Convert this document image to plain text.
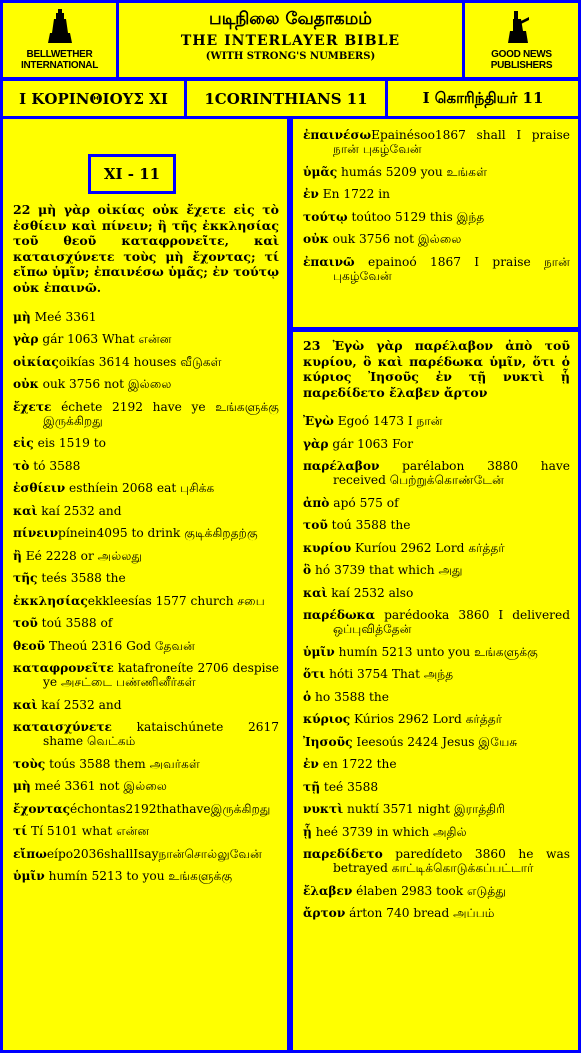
BELLWETHER
INTERNATIONAL
படிநிலை வேதாகமம்
THE INTERLAYER BIBLE
(WITH STRONG'S NUMBERS)	GOOD NEWS
PUBLISHERS
Ι ΚΟΡΙΝΘΙΟΥΣ XI	1CORINTHIANS 11	I கொரிந்தியர் 11
22 μὴ γὰρ οἰκίας οὐκ ἔχετε εἰς τὸ ἐσθίειν καὶ πίνειν; ἢ τῆς ἐκκλησίας τοῦ θεοῦ καταφρονεῖτε, καὶ καταισχύνετε τοὺς μὴ ἔχοντας; τί εἴπω ὑμῖν; ἐπαινέσω ὑμᾶς; ἐν τούτῳ οὐκ ἐπαινῶ.
μὴ Meé 3361
γὰρ gár 1063 What என்ன
οἰκίαςoikías 3614 houses வீடுகள்
οὐκ ouk 3756 not இல்லை
ἔχετε échete 2192 have ye உங்களுக்கு இருக்கிறது
εἰς eis 1519 to
τὸ tó 3588
ἐσθίειν esthíein 2068 eat புசிக்க
καὶ kaí 2532 and
πίνεινpínein4095 to drink குடிக்கிறதற்கு
ἢ Eé 2228 or அல்லது
τῆς teés 3588 the
ἐκκλησίαςekkleesías 1577 church சபை
τοῦ toú 3588 of
θεοῦ Theoú 2316 God தேவன்
καταφρονεῖτε katafroneíte 2706 despise ye அசட்டை பண்ணினீர்கள்
καὶ kaí 2532 and
καταισχύνετε kataischúnete 2617 shame வெட்கம்
τοὺς toús 3588 them அவர்கள்
μὴ meé 3361 not இல்லை
ἔχονταςéchontas2192thathaveஇருக்கிறது
τί Tí 5101 what என்ன
εἴπωeípo2036shallIsayநான்சொல்லுவேன்
ὑμῖν humín 5213 to you உங்களுக்கு
XI - 11
ἐπαινέσωEpainésoo1867 shall I praise நான் புகழ்வேன்
ὑμᾶς humás 5209 you உங்கள்
ἐν En 1722 in
τούτῳ toútoo 5129 this இந்த
οὐκ ouk 3756 not இல்லை
ἐπαινῶ epainoó 1867 I praise நான் புகழ்வேன்
23 Ἐγὼ γὰρ παρέλαβον ἀπὸ τοῦ κυρίου, ὃ καὶ παρέδωκα ὑμῖν, ὅτι ὁ κύριος Ἰησοῦς ἐν τῇ νυκτὶ ᾗ παρεδίδετο ἔλαβεν ἄρτον
Ἐγὼ Egoó 1473 I நான்
γὰρ gár 1063 For
παρέλαβον parélabon 3880 have received பெற்றுக்கொண்டேன்
ἀπὸ apó 575 of
τοῦ toú 3588 the
κυρίου Kuríou 2962 Lord கர்த்தர்
ὃ hó 3739 that which அது
καὶ kaí 2532 also
παρέδωκα parédooka 3860 I delivered ஒப்புவித்தேன்
ὑμῖν humín 5213 unto you உங்களுக்கு
ὅτι hóti 3754 That அந்த
ὁ ho 3588 the
κύριος Kúrios 2962 Lord கர்த்தர்
Ἰησοῦς Ieesoús 2424 Jesus இயேசு
ἐν en 1722 the
τῇ teé 3588
νυκτὶ nuktí 3571 night இராத்திரி
ᾗ heé 3739 in which அதில்
παρεδίδετο paredídeto 3860 he was betrayed காட்டிக்கொடுக்கப்பட்டார்
ἔλαβεν élaben 2983 took எடுத்து
ἄρτον árton 740 bread அப்பம்
